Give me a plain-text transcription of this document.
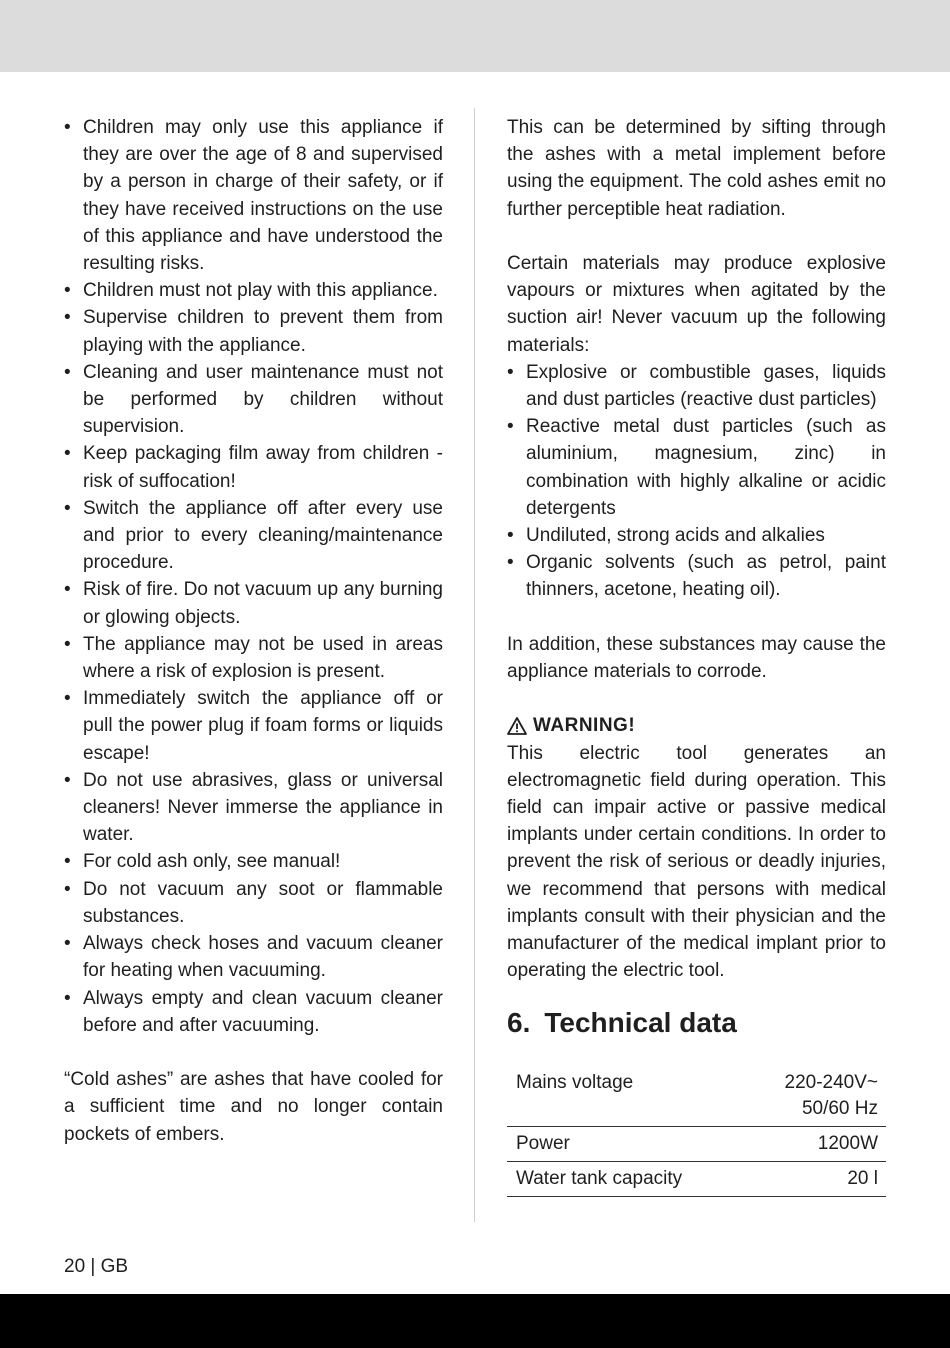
• Children may only use this appliance if they are over the age of 8 and supervised by a person in charge of their safety, or if they have received instructions on the use of this appliance and have understood the resulting risks.
• Children must not play with this appliance.
• Supervise children to prevent them from playing with the appliance.
• Cleaning and user maintenance must not be performed by children without supervision.
• Keep packaging film away from children - risk of suffocation!
• Switch the appliance off after every use and prior to every cleaning/maintenance procedure.
• Risk of fire. Do not vacuum up any burning or glowing objects.
• The appliance may not be used in areas where a risk of explosion is present.
• Immediately switch the appliance off or pull the power plug if foam forms or liquids escape!
• Do not use abrasives, glass or universal cleaners! Never immerse the appliance in water.
• For cold ash only, see manual!
• Do not vacuum any soot or flammable substances.
• Always check hoses and vacuum cleaner for heating when vacuuming.
• Always empty and clean vacuum cleaner before and after vacuuming.

“Cold ashes” are ashes that have cooled for a sufficient time and no longer contain pockets of embers.

This can be determined by sifting through the ashes with a metal implement before using the equipment. The cold ashes emit no further perceptible heat radiation.

Certain materials may produce explosive vapours or mixtures when agitated by the suction air! Never vacuum up the following materials:

• Explosive or combustible gases, liquids and dust particles (reactive dust particles)
• Reactive metal dust particles (such as aluminium, magnesium, zinc) in combination with highly alkaline or acidic detergents
• Undiluted, strong acids and alkalies
• Organic solvents (such as petrol, paint thinners, acetone, heating oil).

In addition, these substances may cause the appliance materials to corrode.

WARNING!

This electric tool generates an electromagnetic field during operation. This field can impair active or passive medical implants under certain conditions. In order to prevent the risk of serious or deadly injuries, we recommend that persons with medical implants consult with their physician and the manufacturer of the medical implant prior to operating the electric tool.

6. Technical data
Mains voltage	220-240V~
50/60 Hz
Power	1200W
Water tank capacity	20 l
20 | GB
